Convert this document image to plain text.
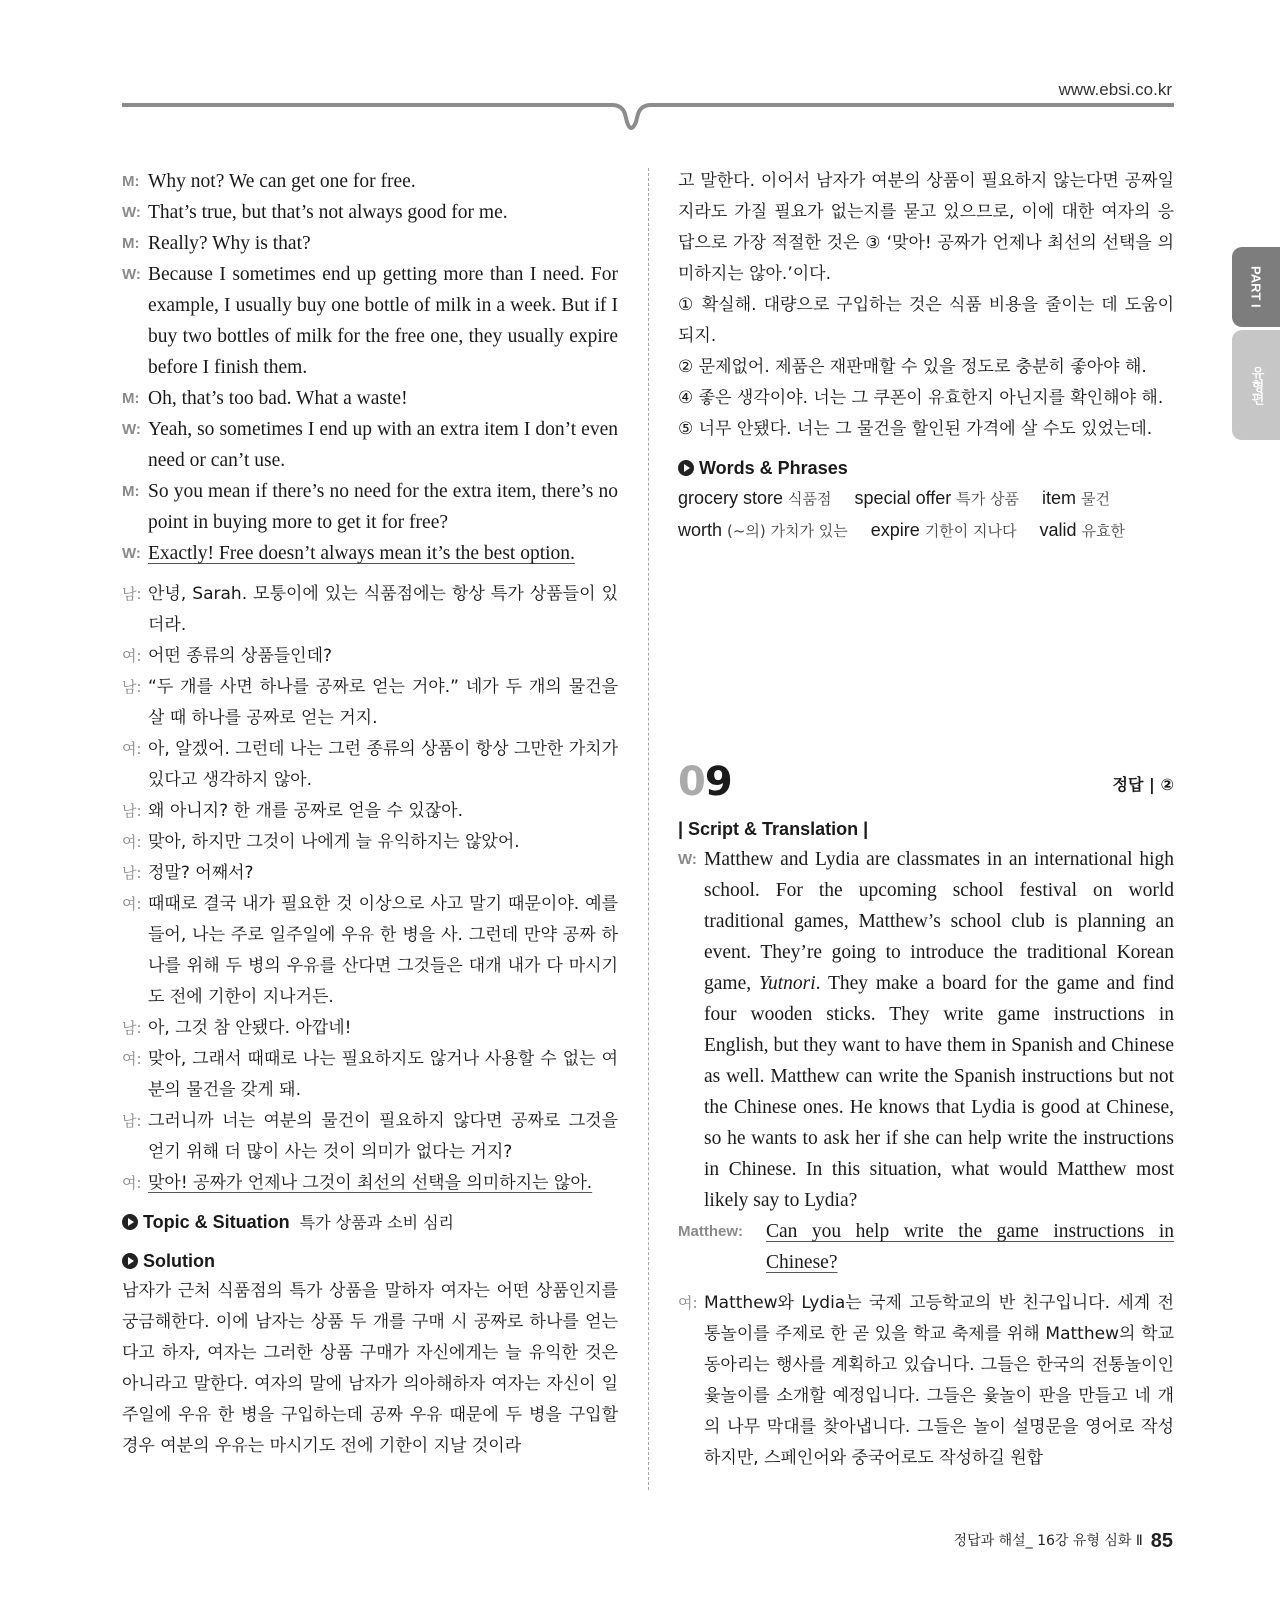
www.ebsi.co.kr
PART I
유형편
M: Why not? We can get one for free.
W: That’s true, but that’s not always good for me.
M: Really? Why is that?
W: Because I sometimes end up getting more than I need. For example, I usually buy one bottle of milk in a week. But if I buy two bottles of milk for the free one, they usually expire before I finish them.
M: Oh, that’s too bad. What a waste!
W: Yeah, so sometimes I end up with an extra item I don’t even need or can’t use.
M: So you mean if there’s no need for the extra item, there’s no point in buying more to get it for free?
W: Exactly! Free doesn’t always mean it’s the best option.
남: 안녕, Sarah. 모퉁이에 있는 식품점에는 항상 특가 상품들이 있더라.
여: 어떤 종류의 상품들인데?
남: “두 개를 사면 하나를 공짜로 얻는 거야.” 네가 두 개의 물건을 살 때 하나를 공짜로 얻는 거지.
여: 아, 알겠어. 그런데 나는 그런 종류의 상품이 항상 그만한 가치가 있다고 생각하지 않아.
남: 왜 아니지? 한 개를 공짜로 얻을 수 있잖아.
여: 맞아, 하지만 그것이 나에게 늘 유익하지는 않았어.
남: 정말? 어째서?
여: 때때로 결국 내가 필요한 것 이상으로 사고 말기 때문이야. 예를 들어, 나는 주로 일주일에 우유 한 병을 사. 그런데 만약 공짜 하나를 위해 두 병의 우유를 산다면 그것들은 대개 내가 다 마시기도 전에 기한이 지나거든.
남: 아, 그것 참 안됐다. 아깝네!
여: 맞아, 그래서 때때로 나는 필요하지도 않거나 사용할 수 없는 여분의 물건을 갖게 돼.
남: 그러니까 너는 여분의 물건이 필요하지 않다면 공짜로 그것을 얻기 위해 더 많이 사는 것이 의미가 없다는 거지?
여: 맞아! 공짜가 언제나 그것이 최선의 선택을 의미하지는 않아.
Topic & Situation 특가 상품과 소비 심리
Solution
남자가 근처 식품점의 특가 상품을 말하자 여자는 어떤 상품인지를 궁금해한다. 이에 남자는 상품 두 개를 구매 시 공짜로 하나를 얻는다고 하자, 여자는 그러한 상품 구매가 자신에게는 늘 유익한 것은 아니라고 말한다. 여자의 말에 남자가 의아해하자 여자는 자신이 일주일에 우유 한 병을 구입하는데 공짜 우유 때문에 두 병을 구입할 경우 여분의 우유는 마시기도 전에 기한이 지날 것이라
고 말한다. 이어서 남자가 여분의 상품이 필요하지 않는다면 공짜일지라도 가질 필요가 없는지를 묻고 있으므로, 이에 대한 여자의 응답으로 가장 적절한 것은 ③ ‘맞아! 공짜가 언제나 최선의 선택을 의미하지는 않아.’이다.
① 확실해. 대량으로 구입하는 것은 식품 비용을 줄이는 데 도움이 되지.
② 문제없어. 제품은 재판매할 수 있을 정도로 충분히 좋아야 해.
④ 좋은 생각이야. 너는 그 쿠폰이 유효한지 아닌지를 확인해야 해.
⑤ 너무 안됐다. 너는 그 물건을 할인된 가격에 살 수도 있었는데.
Words & Phrases
grocery store 식품점 special offer 특가 상품 item 물건
worth (~의) 가치가 있는 expire 기한이 지나다 valid 유효한
09	정답 | ②
| Script & Translation |
W: Matthew and Lydia are classmates in an international high school. For the upcoming school festival on world traditional games, Matthew’s school club is planning an event. They’re going to introduce the traditional Korean game, Yutnori. They make a board for the game and find four wooden sticks. They write game instructions in English, but they want to have them in Spanish and Chinese as well. Matthew can write the Spanish instructions but not the Chinese ones. He knows that Lydia is good at Chinese, so he wants to ask her if she can help write the instructions in Chinese. In this situation, what would Matthew most likely say to Lydia?
Matthew: Can you help write the game instructions in Chinese?
여: Matthew와 Lydia는 국제 고등학교의 반 친구입니다. 세계 전통놀이를 주제로 한 곧 있을 학교 축제를 위해 Matthew의 학교 동아리는 행사를 계획하고 있습니다. 그들은 한국의 전통놀이인 윷놀이를 소개할 예정입니다. 그들은 윷놀이 판을 만들고 네 개의 나무 막대를 찾아냅니다. 그들은 놀이 설명문을 영어로 작성하지만, 스페인어와 중국어로도 작성하길 원합
정답과 해설_ 16강 유형 심화 Ⅱ 85
